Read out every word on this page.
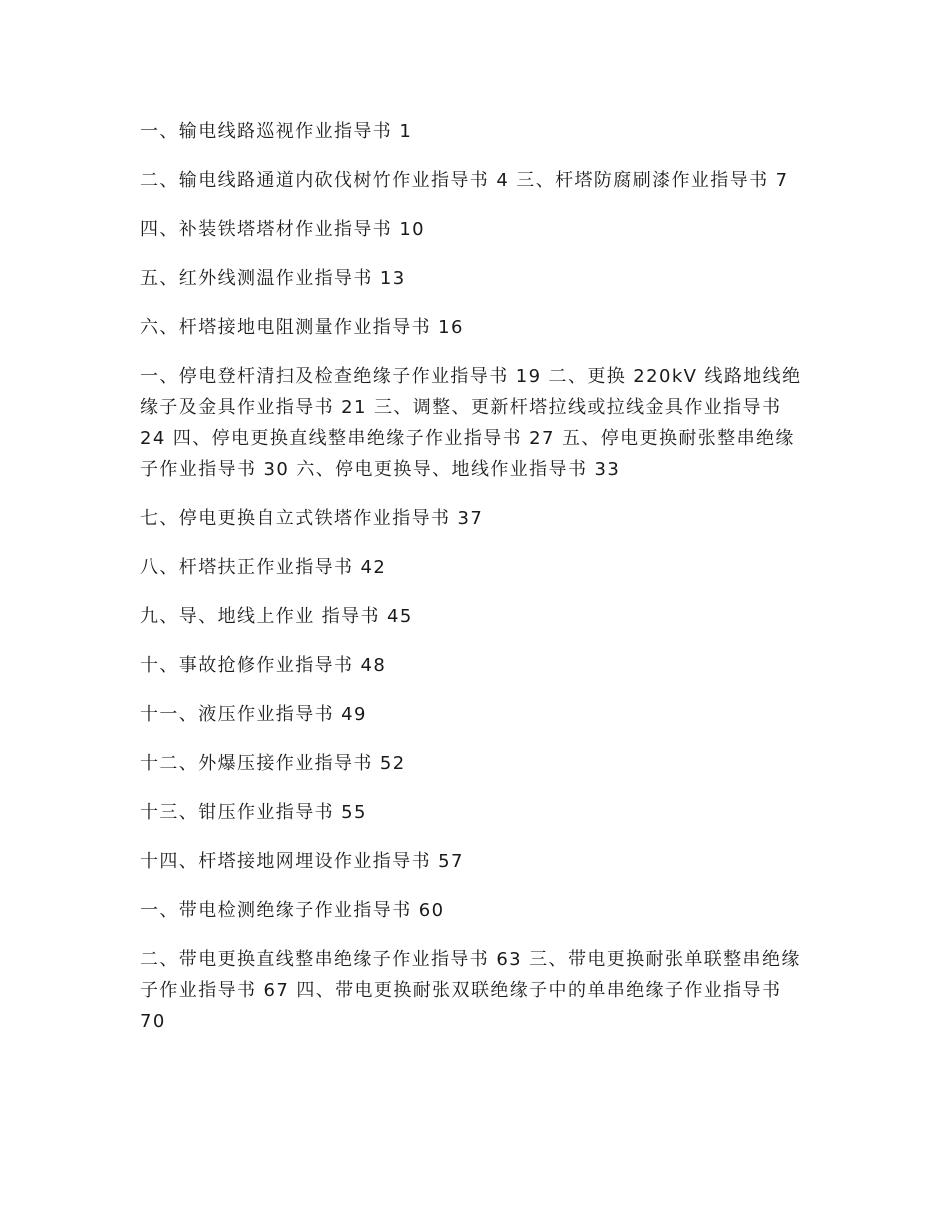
一、输电线路巡视作业指导书 1

二、输电线路通道内砍伐树竹作业指导书 4 三、杆塔防腐刷漆作业指导书 7

四、补装铁塔塔材作业指导书 10

五、红外线测温作业指导书 13

六、杆塔接地电阻测量作业指导书 16

一、停电登杆清扫及检查绝缘子作业指导书 19 二、更换 220kV 线路地线绝缘子及金具作业指导书 21 三、调整、更新杆塔拉线或拉线金具作业指导书 24 四、停电更换直线整串绝缘子作业指导书 27 五、停电更换耐张整串绝缘子作业指导书 30 六、停电更换导、地线作业指导书 33

七、停电更换自立式铁塔作业指导书 37

八、杆塔扶正作业指导书 42

九、导、地线上作业 指导书 45

十、事故抢修作业指导书 48

十一、液压作业指导书 49

十二、外爆压接作业指导书 52

十三、钳压作业指导书 55

十四、杆塔接地网埋设作业指导书 57

一、带电检测绝缘子作业指导书 60

二、带电更换直线整串绝缘子作业指导书 63 三、带电更换耐张单联整串绝缘子作业指导书 67 四、带电更换耐张双联绝缘子中的单串绝缘子作业指导书 70
